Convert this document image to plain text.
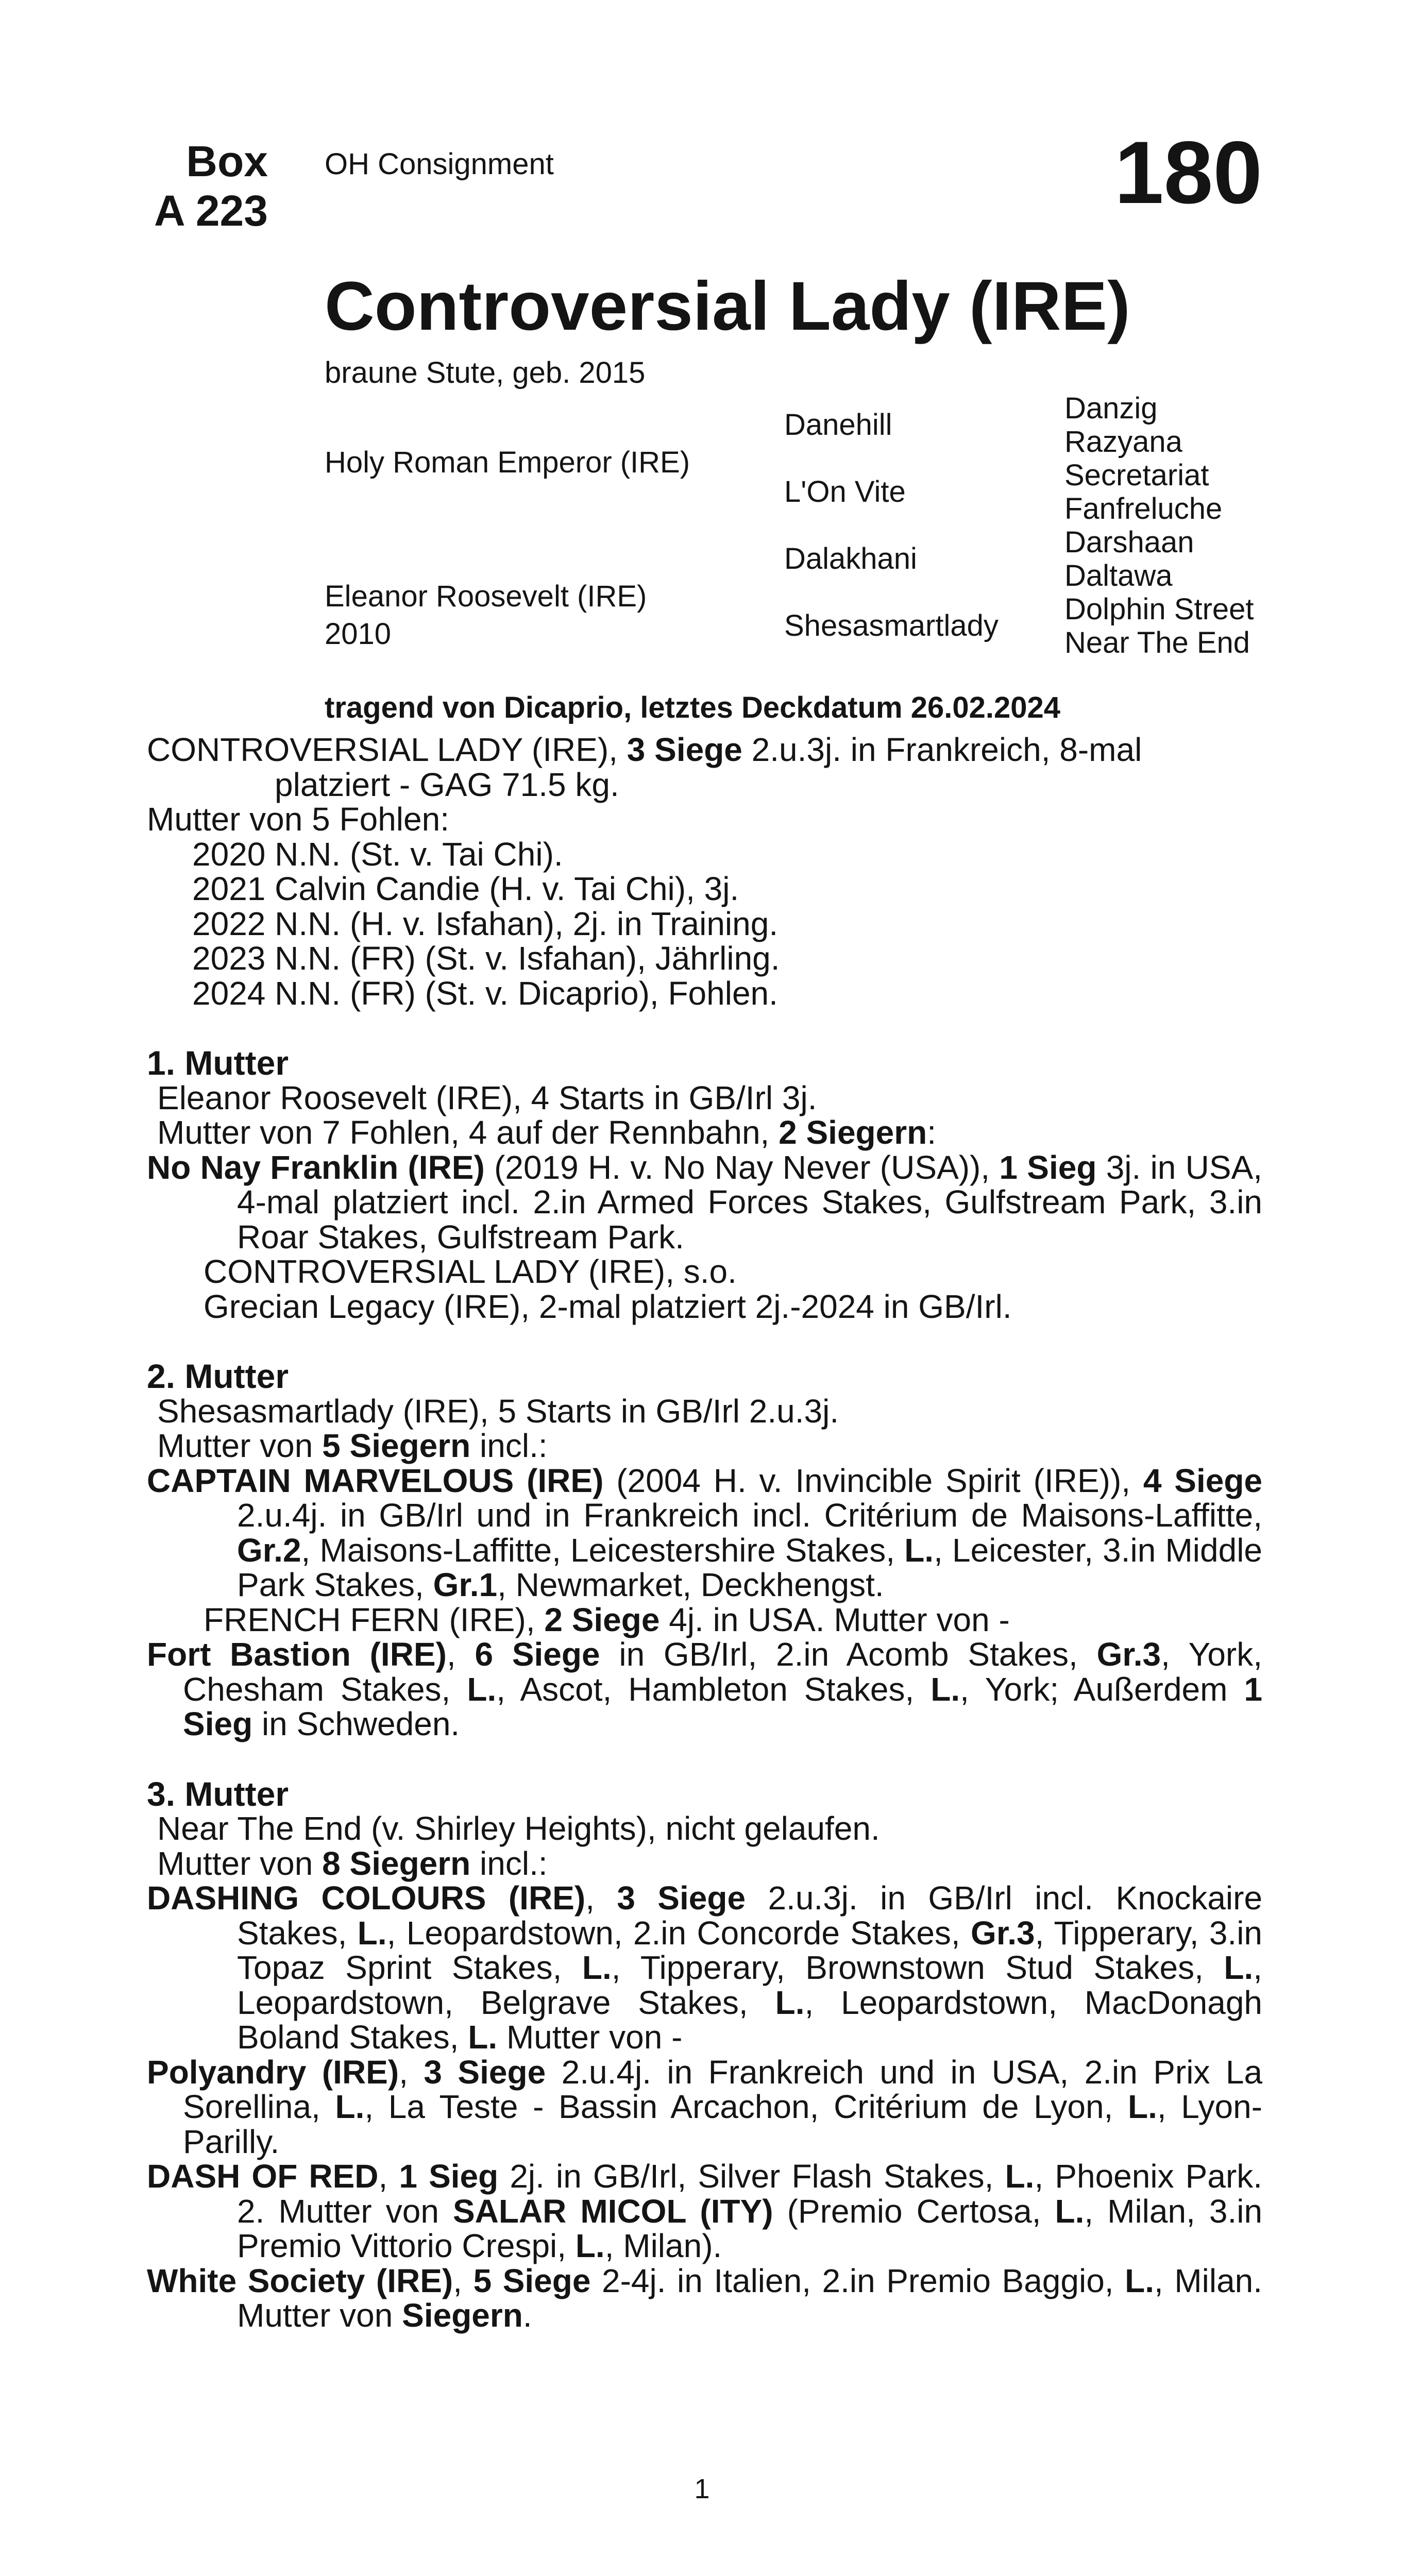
Box
A 223
OH Consignment	180
Controversial Lady (IRE)
braune Stute, geb. 2015
Holy Roman Emperor (IRE)
Eleanor Roosevelt (IRE)
2010
Danehill
L'On Vite
Dalakhani
Shesasmartlady
Danzig
Razyana
Secretariat
Fanfreluche
Darshaan
Daltawa
Dolphin Street
Near The End
tragend von Dicaprio, letztes Deckdatum 26.02.2024

CONTROVERSIAL LADY (IRE), 3 Siege 2.u.3j. in Frankreich, 8-mal platziert - GAG 71.5 kg.

Mutter von 5 Fohlen:

2020 N.N. (St. v. Tai Chi).

2021 Calvin Candie (H. v. Tai Chi), 3j.

2022 N.N. (H. v. Isfahan), 2j. in Training.

2023 N.N. (FR) (St. v. Isfahan), Jährling.

2024 N.N. (FR) (St. v. Dicaprio), Fohlen.

1. Mutter

Eleanor Roosevelt (IRE), 4 Starts in GB/Irl 3j.

Mutter von 7 Fohlen, 4 auf der Rennbahn, 2 Siegern:

No Nay Franklin (IRE) (2019 H. v. No Nay Never (USA)), 1 Sieg 3j. in USA, 4-mal platziert incl. 2.in Armed Forces Stakes, Gulfstream Park, 3.in Roar Stakes, Gulfstream Park.

CONTROVERSIAL LADY (IRE), s.o.

Grecian Legacy (IRE), 2-mal platziert 2j.-2024 in GB/Irl.

2. Mutter

Shesasmartlady (IRE), 5 Starts in GB/Irl 2.u.3j.

Mutter von 5 Siegern incl.:

CAPTAIN MARVELOUS (IRE) (2004 H. v. Invincible Spirit (IRE)), 4 Siege 2.u.4j. in GB/Irl und in Frankreich incl. Critérium de Maisons-Laffitte, Gr.2, Maisons-Laffitte, Leicestershire Stakes, L., Leicester, 3.in Middle Park Stakes, Gr.1, Newmarket, Deckhengst.

FRENCH FERN (IRE), 2 Siege 4j. in USA. Mutter von -

Fort Bastion (IRE), 6 Siege in GB/Irl, 2.in Acomb Stakes, Gr.3, York, Chesham Stakes, L., Ascot, Hambleton Stakes, L., York; Außerdem 1 Sieg in Schweden.

3. Mutter

Near The End (v. Shirley Heights), nicht gelaufen.

Mutter von 8 Siegern incl.:

DASHING COLOURS (IRE), 3 Siege 2.u.3j. in GB/Irl incl. Knockaire Stakes, L., Leopardstown, 2.in Concorde Stakes, Gr.3, Tipperary, 3.in Topaz Sprint Stakes, L., Tipperary, Brownstown Stud Stakes, L., Leopardstown, Belgrave Stakes, L., Leopardstown, MacDonagh Boland Stakes, L. Mutter von -

Polyandry (IRE), 3 Siege 2.u.4j. in Frankreich und in USA, 2.in Prix La Sorellina, L., La Teste - Bassin Arcachon, Critérium de Lyon, L., Lyon-Parilly.

DASH OF RED, 1 Sieg 2j. in GB/Irl, Silver Flash Stakes, L., Phoenix Park. 2. Mutter von SALAR MICOL (ITY) (Premio Certosa, L., Milan, 3.in Premio Vittorio Crespi, L., Milan).

White Society (IRE), 5 Siege 2-4j. in Italien, 2.in Premio Baggio, L., Milan. Mutter von Siegern.

1
